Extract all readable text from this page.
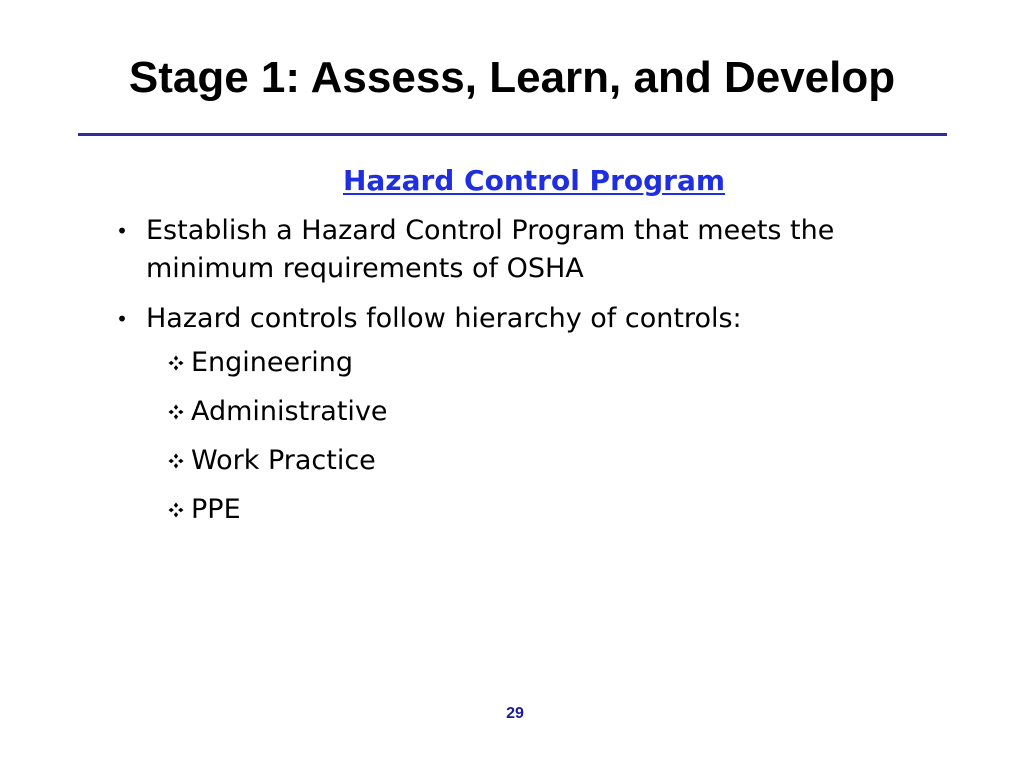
Stage 1: Assess, Learn, and Develop
Hazard Control Program
• Establish a Hazard Control Program that meets the minimum requirements of OSHA
• Hazard controls follow hierarchy of controls:
Engineering
Administrative
Work Practice
PPE
29
